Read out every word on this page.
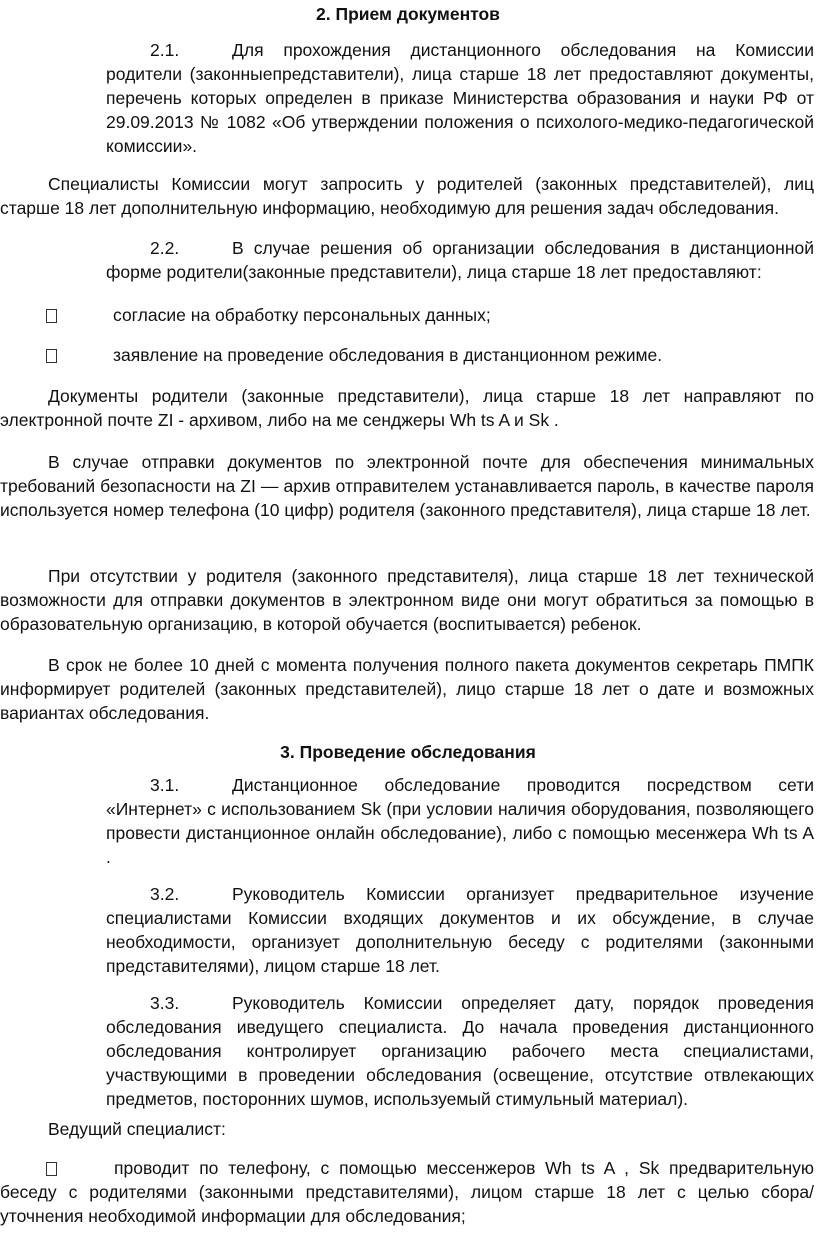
2. Прием документов

2.1.	Для прохождения дистанционного обследования на Комиссии родители (законныепредставители), лица старше 18 лет предоставляют документы, перечень которых определен в приказе Министерства образования и науки РФ от 29.09.2013 № 1082 «Об утверждении положения о психолого-медико-педагогической комиссии».

Специалисты Комиссии могут запросить у родителей (законных представителей), лиц старше 18 лет дополнительную информацию, необходимую для решения задач обследования.

2.2.	В случае решения об организации обследования в дистанционной форме родители(законные представители), лица старше 18 лет предоставляют:

согласие на обработку персональных данных;

заявление на проведение обследования в дистанционном режиме.

Документы родители (законные представители), лица старше 18 лет направляют по электронной почте ZI - архивом, либо на ме сенджеры Wh ts A и Sk .

В случае отправки документов по электронной почте для обеспечения минимальных требований безопасности на ZI — архив отправителем устанавливается пароль, в качестве пароля используется номер телефона (10 цифр) родителя (законного представителя), лица старше 18 лет.

При отсутствии у родителя (законного представителя), лица старше 18 лет технической возможности для отправки документов в электронном виде они могут обратиться за помощью в образовательную организацию, в которой обучается (воспитывается) ребенок.

В срок не более 10 дней с момента получения полного пакета документов секретарь ПМПК информирует родителей (законных представителей), лицо старше 18 лет о дате и возможных вариантах обследования.

3. Проведение обследования

3.1.	Дистанционное обследование проводится посредством сети «Интернет» с использованием Sk (при условии наличия оборудования, позволяющего провести дистанционное онлайн обследование), либо с помощью месенжера Wh ts A .

3.2.	Руководитель Комиссии организует предварительное изучение специалистами Комиссии входящих документов и их обсуждение, в случае необходимости, организует дополнительную беседу с родителями (законными представителями), лицом старше 18 лет.

3.3.	Руководитель Комиссии определяет дату, порядок проведения обследования иведущего специалиста. До начала проведения дистанционного обследования контролирует организацию рабочего места специалистами, участвующими в проведении обследования (освещение, отсутствие отвлекающих предметов, посторонних шумов, используемый стимульный материал).

Ведущий специалист:

проводит по телефону, с помощью мессенжеров Wh ts A , Sk предварительную беседу с родителями (законными представителями), лицом старше 18 лет с целью сбора/ уточнения необходимой информации для обследования;
